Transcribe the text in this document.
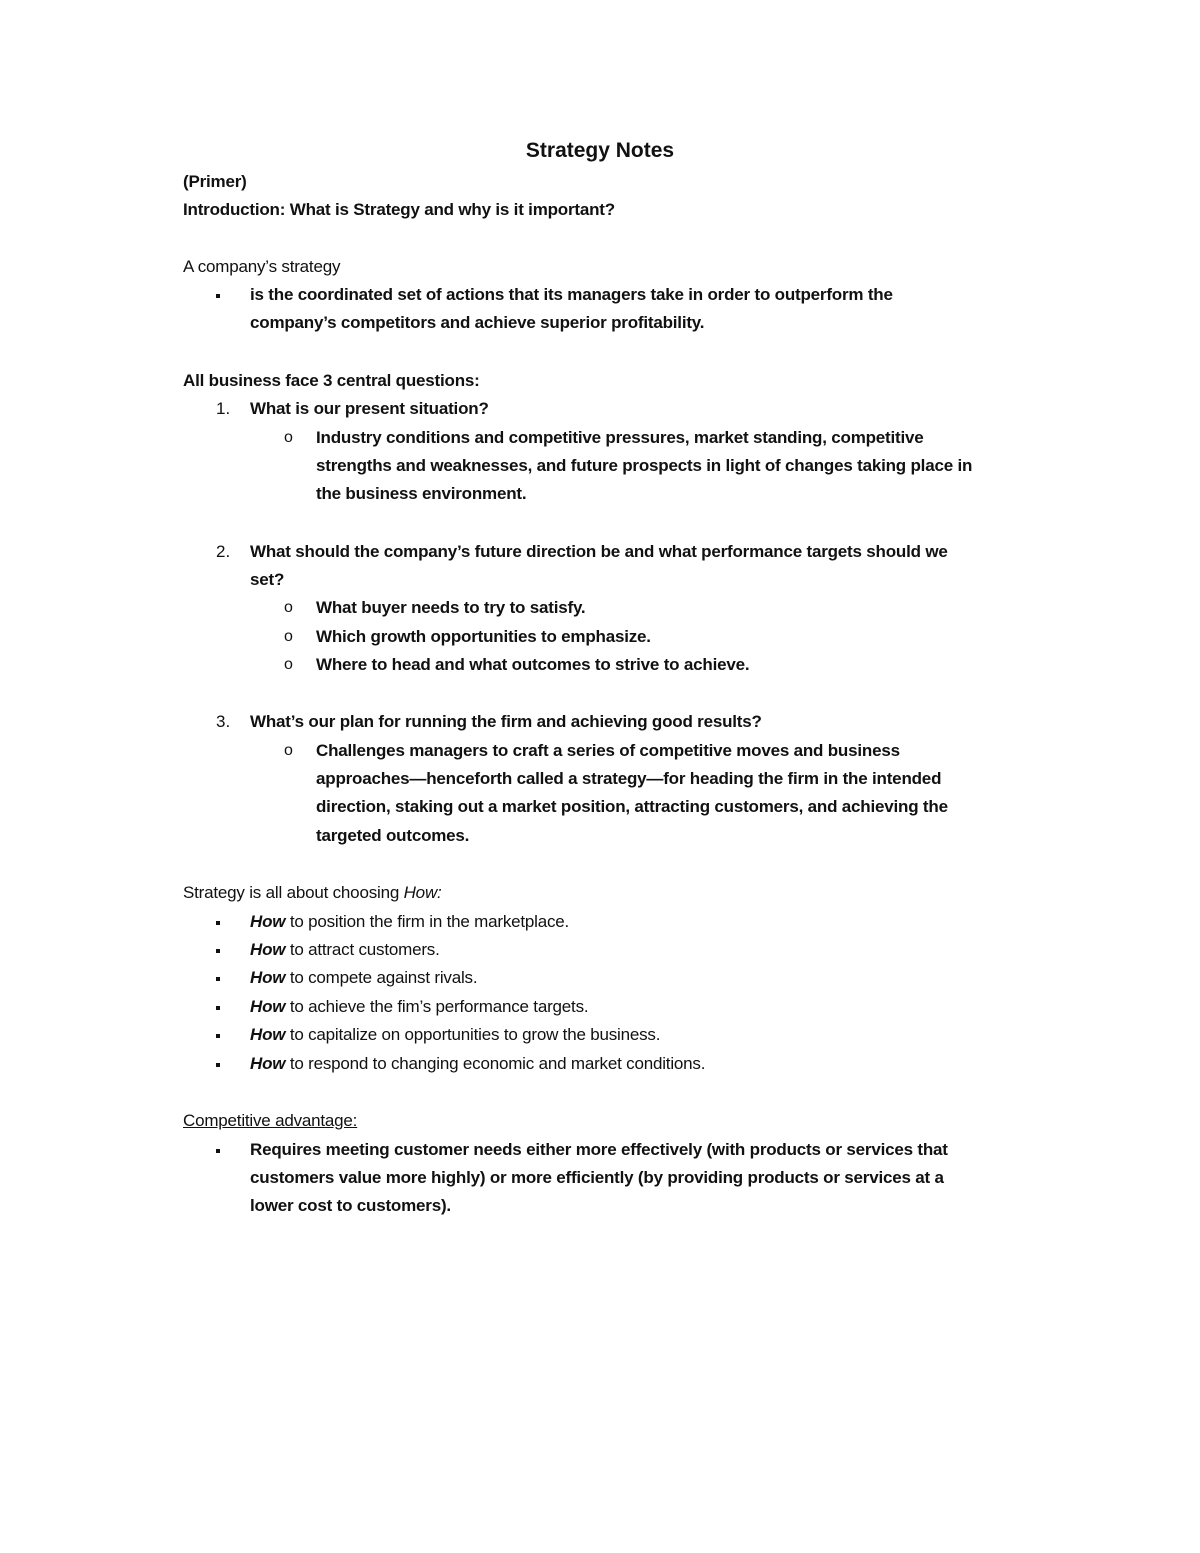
Strategy Notes
(Primer)
Introduction: What is Strategy and why is it important?
A company’s strategy
is the coordinated set of actions that its managers take in order to outperform the
company’s competitors and achieve superior profitability.
All business face 3 central questions:
1. What is our present situation?
o Industry conditions and competitive pressures, market standing, competitive
strengths and weaknesses, and future prospects in light of changes taking place in
the business environment.
2. What should the company’s future direction be and what performance targets should we
set?
o What buyer needs to try to satisfy.
o Which growth opportunities to emphasize.
o Where to head and what outcomes to strive to achieve.
3. What’s our plan for running the firm and achieving good results?
o Challenges managers to craft a series of competitive moves and business
approaches—henceforth called a strategy—for heading the firm in the intended
direction, staking out a market position, attracting customers, and achieving the
targeted outcomes.
Strategy is all about choosing How:
How to position the firm in the marketplace.
How to attract customers.
How to compete against rivals.
How to achieve the fim’s performance targets.
How to capitalize on opportunities to grow the business.
How to respond to changing economic and market conditions.
Competitive advantage:
Requires meeting customer needs either more effectively (with products or services that
customers value more highly) or more efficiently (by providing products or services at a
lower cost to customers).
